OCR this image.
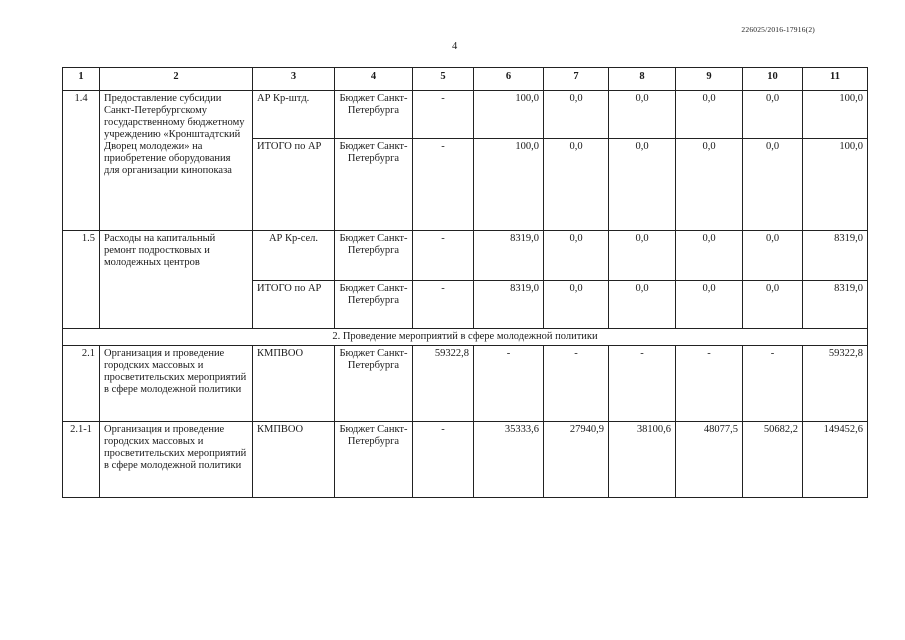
226025/2016-17916(2)
4
1	2	3	4	5	6	7	8	9	10	11
1.4	Предоставление субсидии Санкт-Петербургскому государственному бюджетному учреждению «Кронштадтский Дворец молодежи» на приобретение оборудования для организации кинопоказа	АР Кр-штд.	Бюджет Санкт-Петербурга	-	100,0	0,0	0,0	0,0	0,0	100,0
		ИТОГО по АР	Бюджет Санкт-Петербурга	-	100,0	0,0	0,0	0,0	0,0	100,0
1.5	Расходы на капитальный ремонт подростковых и молодежных центров	АР Кр-сел.	Бюджет Санкт-Петербурга	-	8319,0	0,0	0,0	0,0	0,0	8319,0
		ИТОГО по АР	Бюджет Санкт-Петербурга	-	8319,0	0,0	0,0	0,0	0,0	8319,0
2. Проведение мероприятий в сфере молодежной политики										
2.1	Организация и проведение городских массовых и просветительских мероприятий в сфере молодежной политики	КМПВОО	Бюджет Санкт-Петербурга	59322,8	-	-	-	-	-	59322,8
2.1-1	Организация и проведение городских массовых и просветительских мероприятий в сфере молодежной политики	КМПВОО	Бюджет Санкт-Петербурга	-	35333,6	27940,9	38100,6	48077,5	50682,2	149452,6
